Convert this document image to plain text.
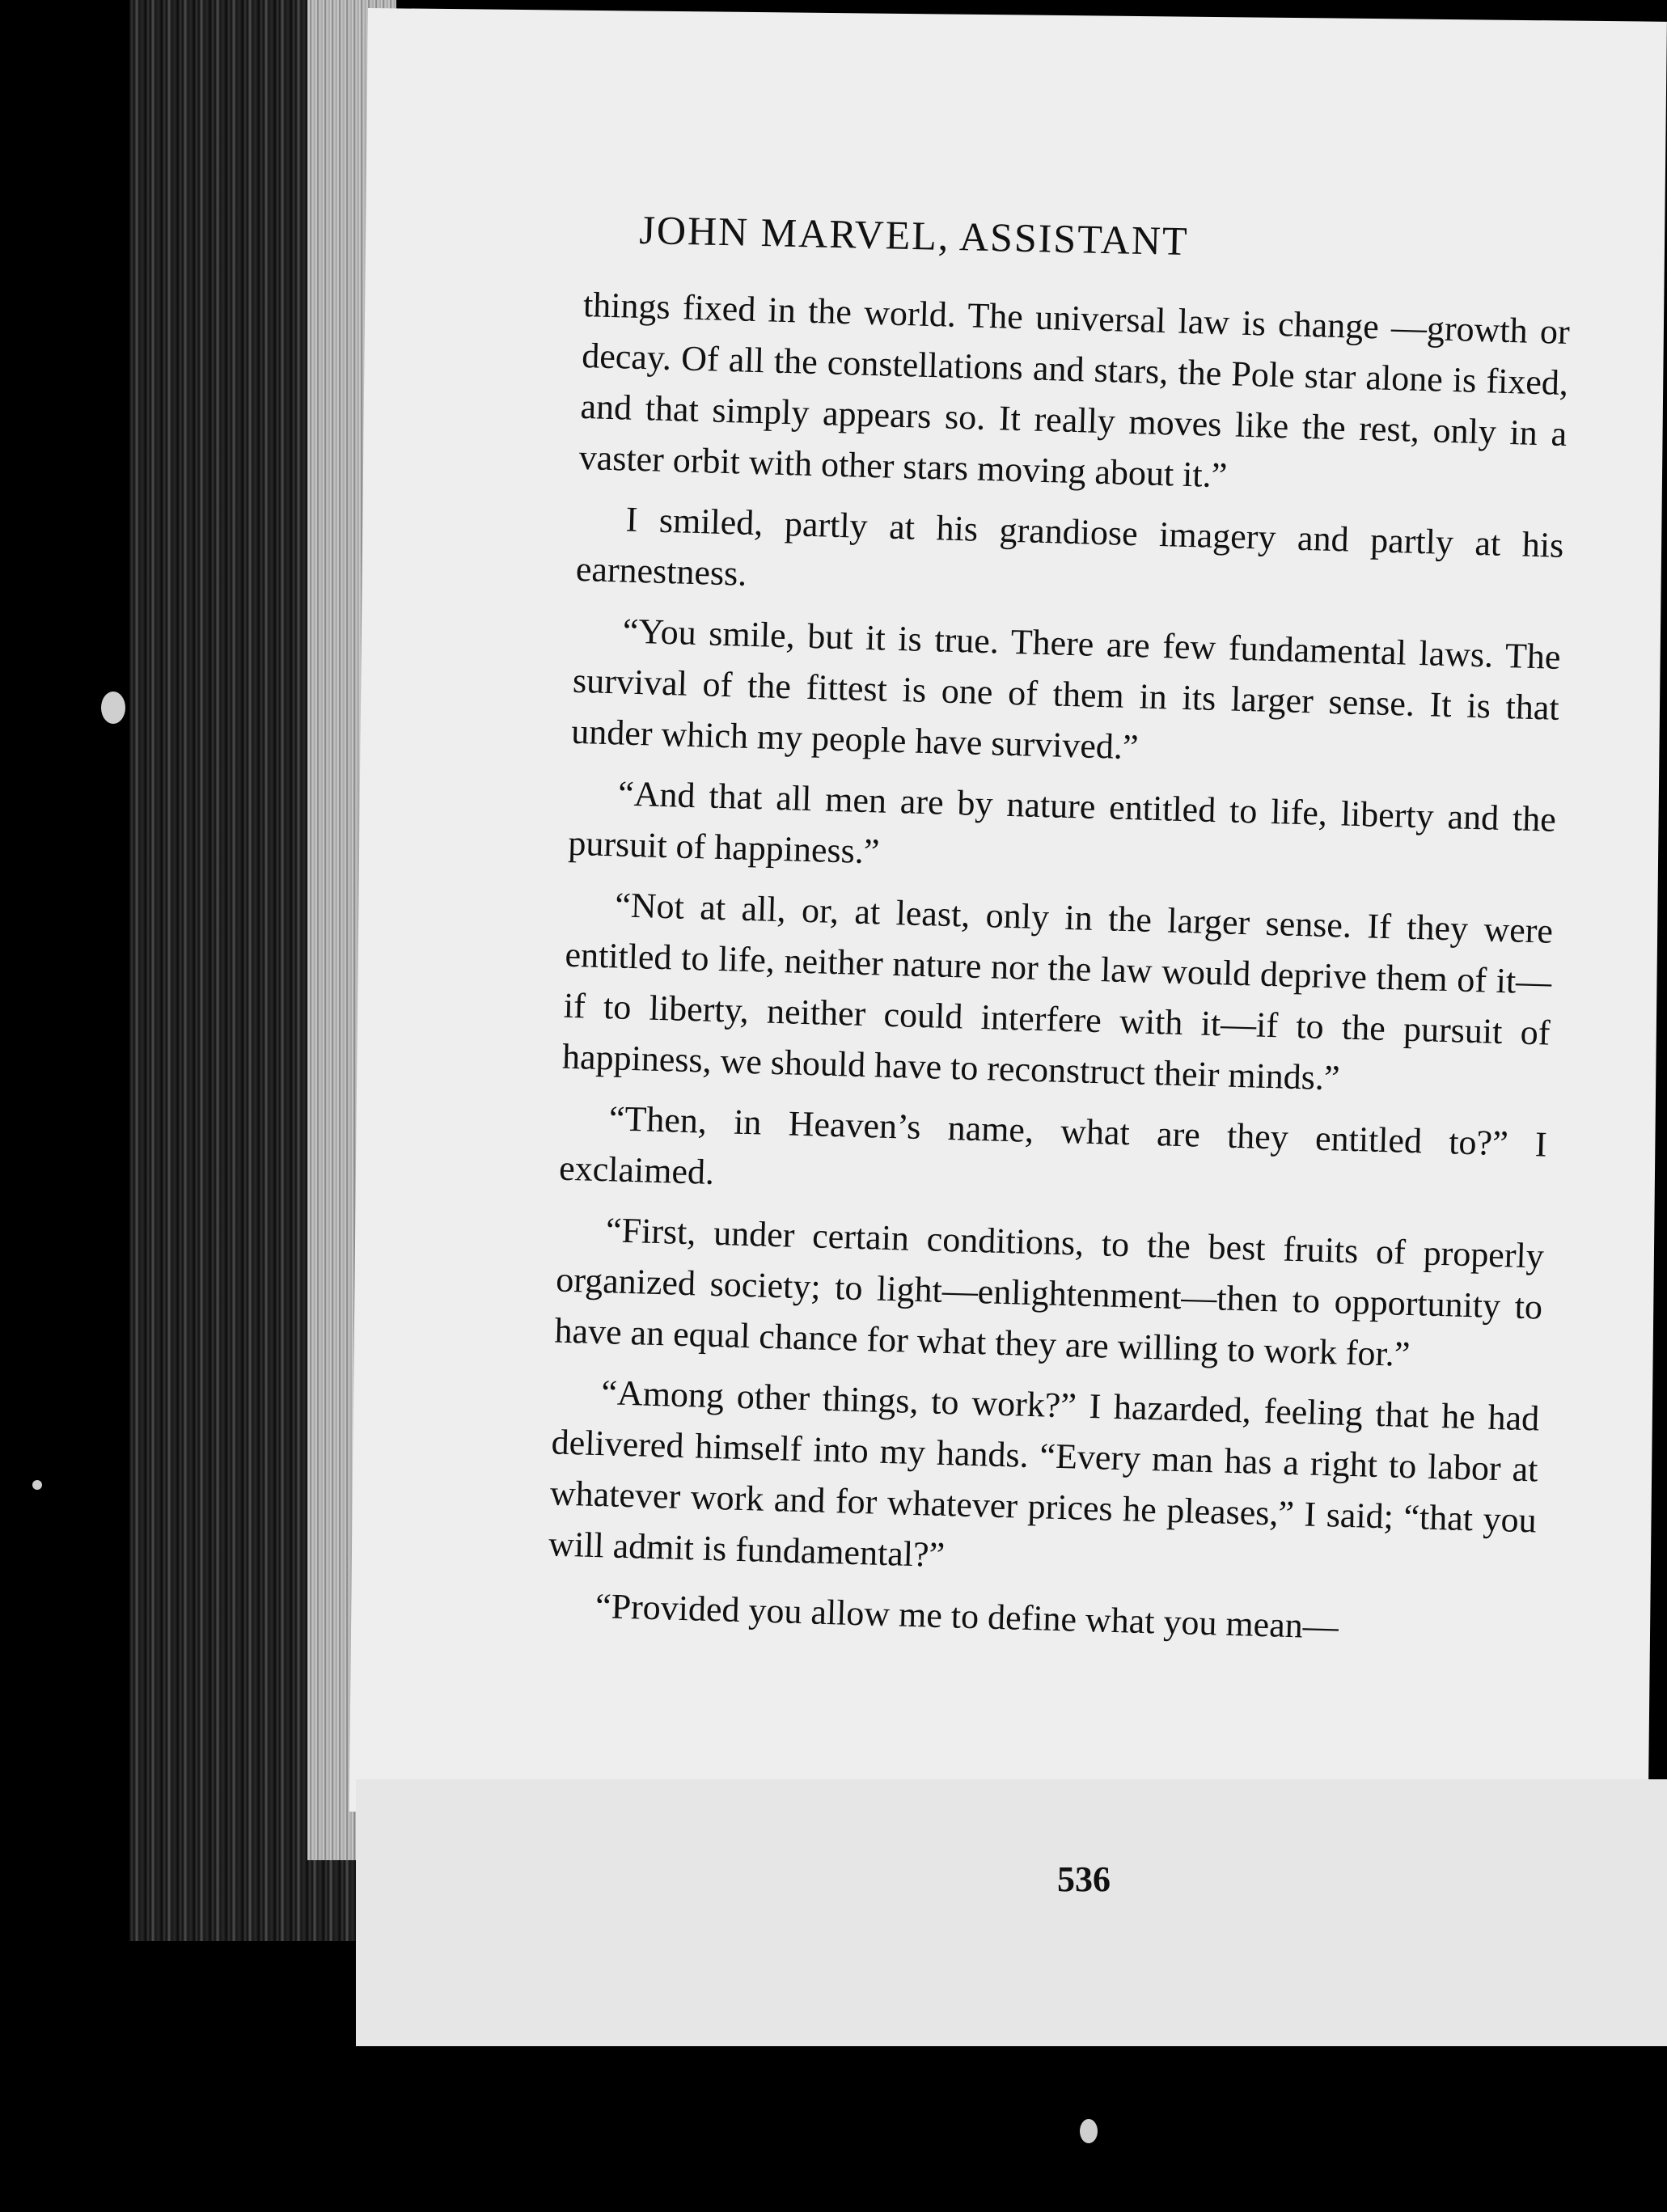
JOHN MARVEL, ASSISTANT

things fixed in the world. The universal law is change —growth or decay. Of all the constellations and stars, the Pole star alone is fixed, and that simply appears so. It really moves like the rest, only in a vaster orbit with other stars moving about it.”

I smiled, partly at his grandiose imagery and partly at his earnestness.

“You smile, but it is true. There are few fundamental laws. The survival of the fittest is one of them in its larger sense. It is that under which my people have survived.”

“And that all men are by nature entitled to life, liberty and the pursuit of happiness.”

“Not at all, or, at least, only in the larger sense. If they were entitled to life, neither nature nor the law would deprive them of it—if to liberty, neither could interfere with it—if to the pursuit of happiness, we should have to reconstruct their minds.”

“Then, in Heaven’s name, what are they entitled to?” I exclaimed.

“First, under certain conditions, to the best fruits of properly organized society; to light—enlightenment—then to opportunity to have an equal chance for what they are willing to work for.”

“Among other things, to work?” I hazarded, feeling that he had delivered himself into my hands. “Every man has a right to labor at whatever work and for whatever prices he pleases,” I said; “that you will admit is fundamental?”

“Provided you allow me to define what you mean—

536
